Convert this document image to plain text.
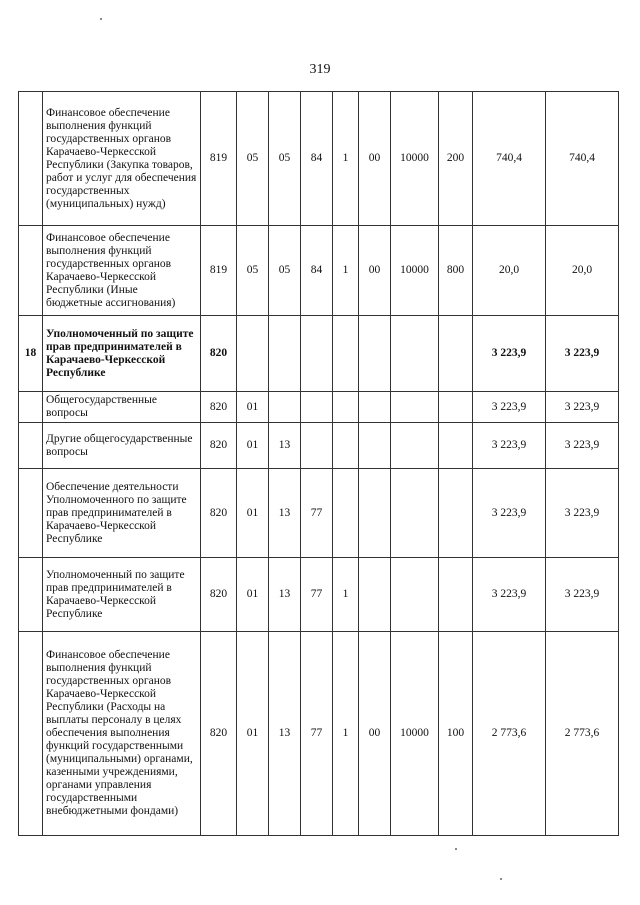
319
	Финансовое обеспечение выполнения функций государственных органов Карачаево-Черкесской Республики (Закупка товаров, работ и услуг для обеспечения государственных (муниципальных) нужд)	819	05	05	84	1	00	10000	200	740,4	740,4
	Финансовое обеспечение выполнения функций государственных органов Карачаево-Черкесской Республики (Иные бюджетные ассигнования)	819	05	05	84	1	00	10000	800	20,0	20,0
18	Уполномоченный по защите прав предпринимателей в Карачаево-Черкесской Республике	820								3 223,9	3 223,9
	Общегосударственные вопросы	820	01							3 223,9	3 223,9
	Другие общегосударственные вопросы	820	01	13						3 223,9	3 223,9
	Обеспечение деятельности Уполномоченного по защите прав предпринимателей в Карачаево-Черкесской Республике	820	01	13	77					3 223,9	3 223,9
	Уполномоченный по защите прав предпринимателей в Карачаево-Черкесской Республике	820	01	13	77	1				3 223,9	3 223,9
	Финансовое обеспечение выполнения функций государственных органов Карачаево-Черкесской Республики (Расходы на выплаты персоналу в целях обеспечения выполнения функций государственными (муниципальными) органами, казенными учреждениями, органами управления государственными внебюджетными фондами)	820	01	13	77	1	00	10000	100	2 773,6	2 773,6
